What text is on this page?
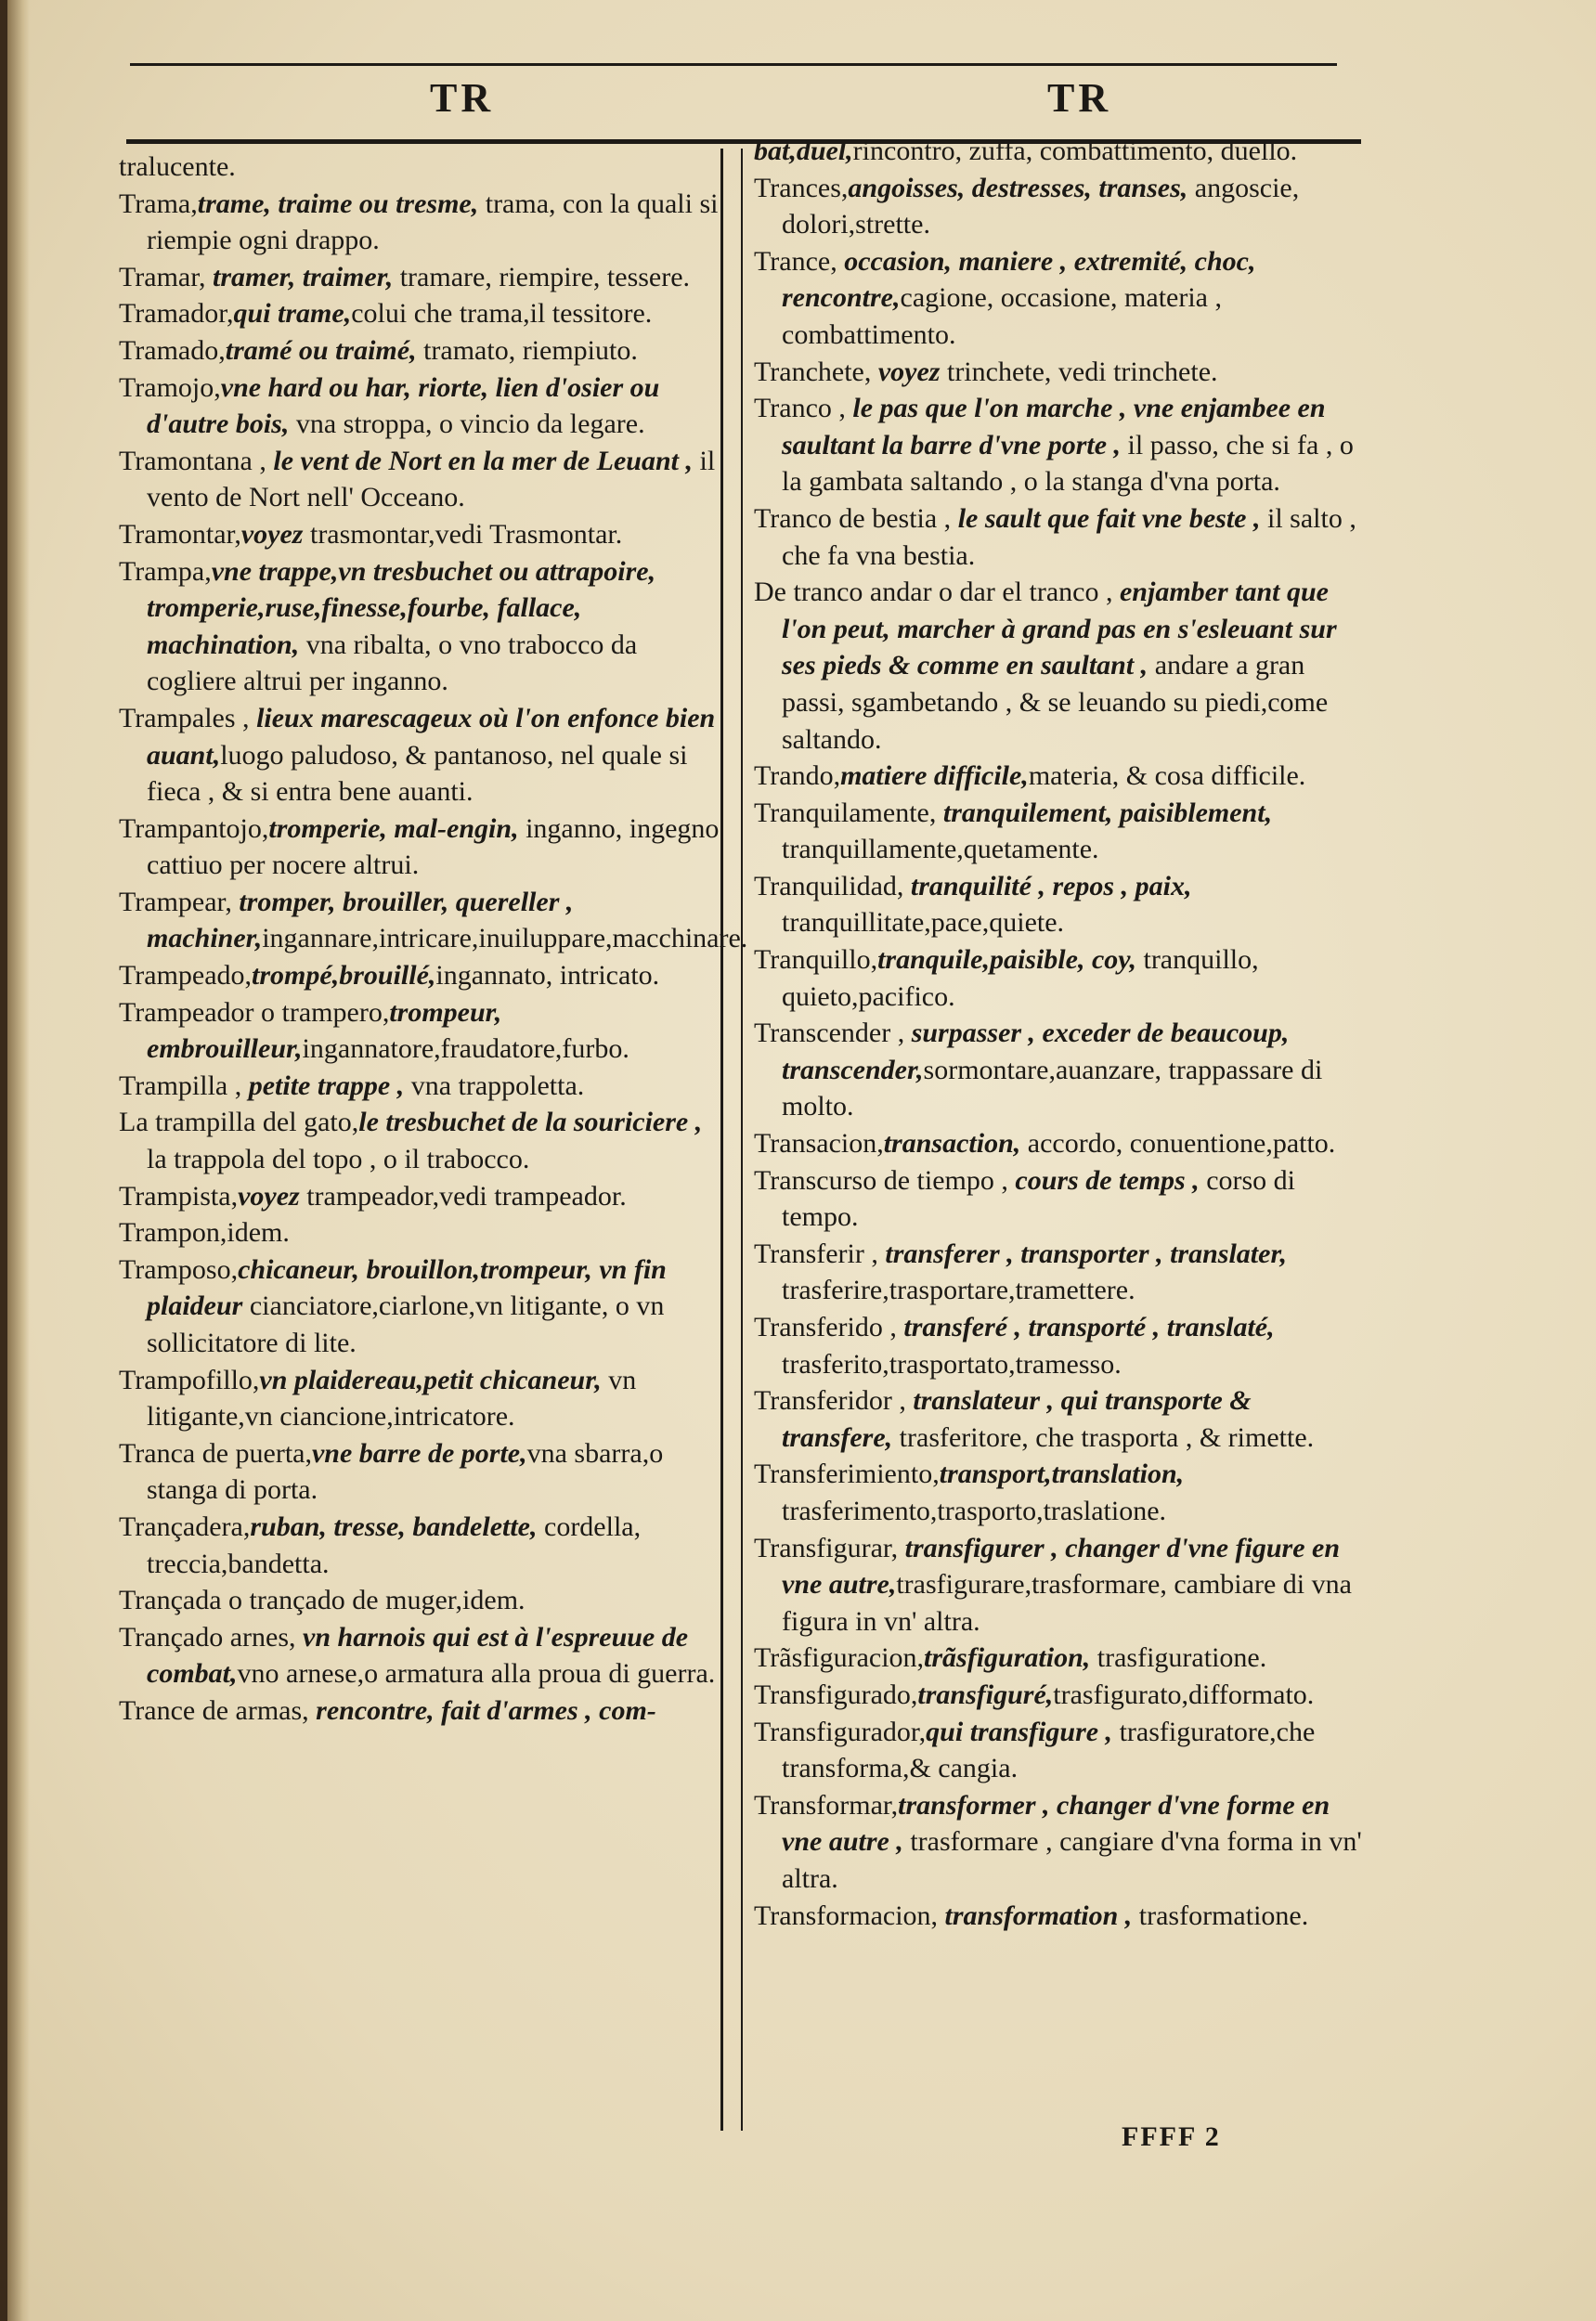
TR	TR

tralucente.

Trama,trame, traime ou tresme, trama, con la quali si riempie ogni drappo.

Tramar, tramer, traimer, tramare, riempire, tessere.

Tramador,qui trame,colui che trama,il tessitore.

Tramado,tramé ou traimé, tramato, riempiuto.

Tramojo,vne hard ou har, riorte, lien d'osier ou d'autre bois, vna stroppa, o vincio da legare.

Tramontana , le vent de Nort en la mer de Leuant , il vento de Nort nell' Occeano.

Tramontar,voyez trasmontar,vedi Trasmontar.

Trampa,vne trappe,vn tresbuchet ou attrapoire, tromperie,ruse,finesse,fourbe, fallace, machination, vna ribalta, o vno trabocco da cogliere altrui per inganno.

Trampales , lieux marescageux où l'on enfonce bien auant,luogo paludoso, & pantanoso, nel quale si fieca , & si entra bene auanti.

Trampantojo,tromperie, mal-engin, inganno, ingegno cattiuo per nocere altrui.

Trampear, tromper, brouiller, quereller , machiner,ingannare,intricare,inuiluppare,macchinare.

Trampeado,trompé,brouillé,ingannato, intricato.

Trampeador o trampero,trompeur, embrouilleur,ingannatore,fraudatore,furbo.

Trampilla , petite trappe , vna trappoletta.

La trampilla del gato,le tresbuchet de la souriciere , la trappola del topo , o il trabocco.

Trampista,voyez trampeador,vedi trampeador.

Trampon,idem.

Tramposo,chicaneur, brouillon,trompeur, vn fin plaideur cianciatore,ciarlone,vn litigante, o vn sollicitatore di lite.

Trampofillo,vn plaidereau,petit chicaneur, vn litigante,vn ciancione,intricatore.

Tranca de puerta,vne barre de porte,vna sbarra,o stanga di porta.

Trançadera,ruban, tresse, bandelette, cordella, treccia,bandetta.

Trançada o trançado de muger,idem.

Trançado arnes, vn harnois qui est à l'espreuue de combat,vno arnese,o armatura alla proua di guerra.

Trance de armas, rencontre, fait d'armes , com-

bat,duel,rincontro, zuffa, combattimento, duello.

Trances,angoisses, destresses, transes, angoscie, dolori,strette.

Trance, occasion, maniere , extremité, choc, rencontre,cagione, occasione, materia , combattimento.

Tranchete, voyez trinchete, vedi trinchete.

Tranco , le pas que l'on marche , vne enjambee en saultant la barre d'vne porte , il passo, che si fa , o la gambata saltando , o la stanga d'vna porta.

Tranco de bestia , le sault que fait vne beste , il salto , che fa vna bestia.

De tranco andar o dar el tranco , enjamber tant que l'on peut, marcher à grand pas en s'esleuant sur ses pieds & comme en saultant , andare a gran passi, sgambetando , & se leuando su piedi,come saltando.

Trando,matiere difficile,materia, & cosa difficile.

Tranquilamente, tranquilement, paisiblement, tranquillamente,quetamente.

Tranquilidad, tranquilité , repos , paix, tranquillitate,pace,quiete.

Tranquillo,tranquile,paisible, coy, tranquillo, quieto,pacifico.

Transcender , surpasser , exceder de beaucoup, transcender,sormontare,auanzare, trappassare di molto.

Transacion,transaction, accordo, conuentione,patto.

Transcurso de tiempo , cours de temps , corso di tempo.

Transferir , transferer , transporter , translater, trasferire,trasportare,tramettere.

Transferido , transferé , transporté , translaté, trasferito,trasportato,tramesso.

Transferidor , translateur , qui transporte & transfere, trasferitore, che trasporta , & rimette.

Transferimiento,transport,translation, trasferimento,trasporto,traslatione.

Transfigurar, transfigurer , changer d'vne figure en vne autre,trasfigurare,trasformare, cambiare di vna figura in vn' altra.

Trãsfiguracion,trãsfiguration, trasfiguratione.

Transfigurado,transfiguré,trasfigurato,difformato.

Transfigurador,qui transfigure , trasfiguratore,che transforma,& cangia.

Transformar,transformer , changer d'vne forme en vne autre , trasformare , cangiare d'vna forma in vn' altra.

Transformacion, transformation , trasformatione.

FFFF 2
